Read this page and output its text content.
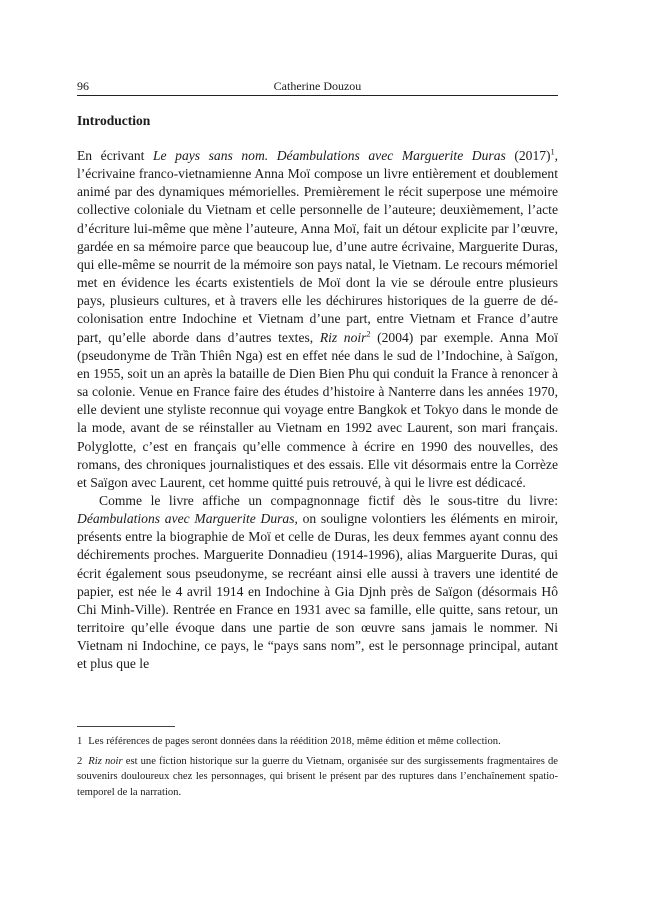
96	Catherine Douzou
Introduction

En écrivant Le pays sans nom. Déambulations avec Marguerite Duras $(2017)^1$, l’écrivaine franco-vietnamienne Anna Moï compose un livre entièrement et doublement animé par des dynamiques mémorielles. Premièrement le récit superpose une mémoire collective coloniale du Vietnam et celle personnelle de l’auteure; deuxièmement, l’acte d’écriture lui-même que mène l’auteure, Anna Moï, fait un détour explicite par l’œuvre, gardée en sa mémoire parce que beaucoup lue, d’une autre écrivaine, Marguerite Duras, qui elle-même se nourrit de la mémoire son pays natal, le Vietnam. Le recours mémoriel met en évidence les écarts existentiels de Moï dont la vie se déroule entre plusieurs pays, plusieurs cultures, et à travers elle les déchirures historiques de la guerre de décolonisation entre Indochine et Vietnam d’une part, entre Vietnam et France d’autre part, qu’elle aborde dans d’autres textes, Riz noir$^2$ (2004) par exemple. Anna Moï (pseudonyme de Trần Thiên Nga) est en effet née dans le sud de l’Indochine, à Saïgon, en 1955, soit un an après la bataille de Dien Bien Phu qui conduit la France à renoncer à sa colonie. Venue en France faire des études d’histoire à Nanterre dans les années 1970, elle devient une styliste reconnue qui voyage entre Bangkok et Tokyo dans le monde de la mode, avant de se réinstaller au Vietnam en 1992 avec Laurent, son mari français. Polyglotte, c’est en français qu’elle commence à écrire en 1990 des nouvelles, des romans, des chroniques journalistiques et des essais. Elle vit désormais entre la Corrèze et Saïgon avec Laurent, cet homme quitté puis retrouvé, à qui le livre est dédicacé.

Comme le livre affiche un compagnonnage fictif dès le sous-titre du livre: Déambulations avec Marguerite Duras, on souligne volontiers les éléments en miroir, présents entre la biographie de Moï et celle de Duras, les deux femmes ayant connu des déchirements proches. Marguerite Donnadieu (1914-1996), alias Marguerite Duras, qui écrit également sous pseudonyme, se recréant ainsi elle aussi à travers une identité de papier, est née le 4 avril 1914 en Indochine à Gia Djnh près de Saïgon (désormais Hô Chi Minh-Ville). Rentrée en France en 1931 avec sa famille, elle quitte, sans retour, un territoire qu’elle évoque dans une partie de son œuvre sans jamais le nommer. Ni Vietnam ni Indochine, ce pays, le “pays sans nom”, est le personnage principal, autant et plus que le

1 Les références de pages seront données dans la réédition 2018, même édition et même collection.

2 Riz noir est une fiction historique sur la guerre du Vietnam, organisée sur des surgissements fragmentaires de souvenirs douloureux chez les personnages, qui brisent le présent par des ruptures dans l’enchaînement spatio-temporel de la narration.
